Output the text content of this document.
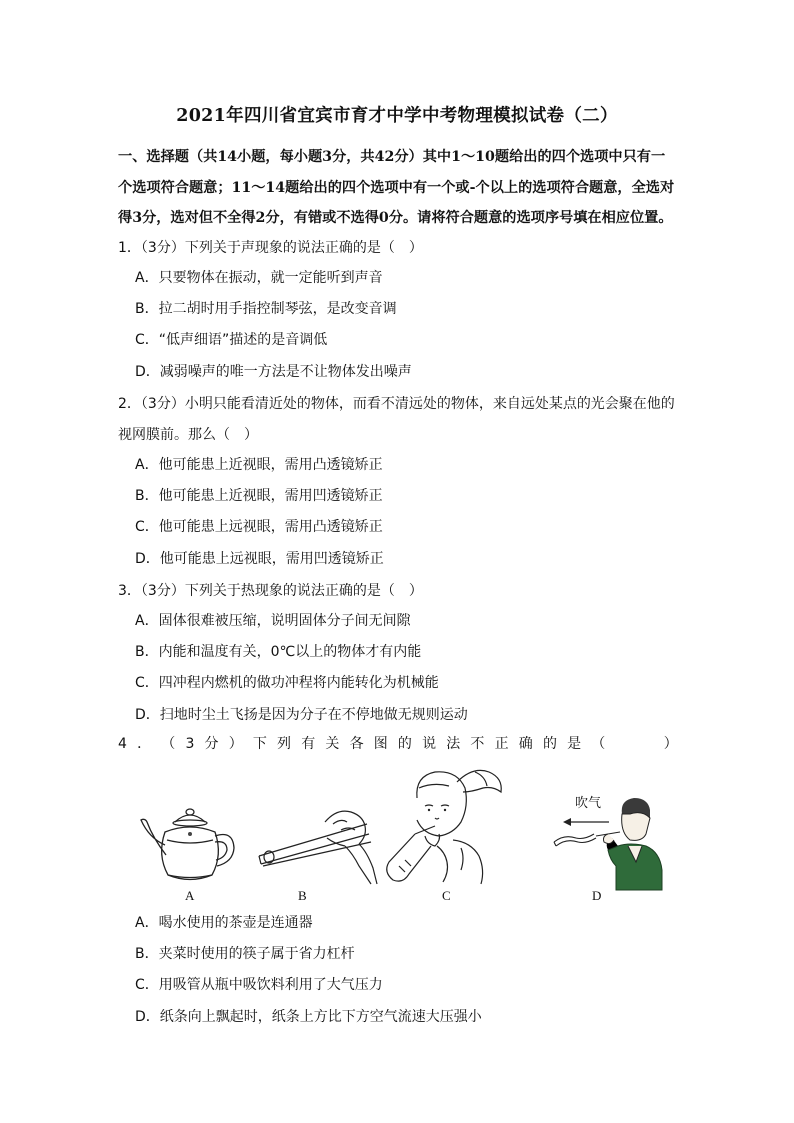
2021年四川省宜宾市育才中学中考物理模拟试卷（二）
一、选择题（共14小题，每小题3分，共42分）其中1～10题给出的四个选项中只有一个选项符合题意；11～14题给出的四个选项中有一个或-个以上的选项符合题意，全选对得3分，选对但不全得2分，有错或不选得0分。请将符合题意的选项序号填在相应位置。
1．（3分）下列关于声现象的说法正确的是（　）
A．只要物体在振动，就一定能听到声音
B．拉二胡时用手指控制琴弦，是改变音调
C．“低声细语”描述的是音调低
D．减弱噪声的唯一方法是不让物体发出噪声
2．（3分）小明只能看清近处的物体，而看不清远处的物体，来自远处某点的光会聚在他的视网膜前。那么（　）
A．他可能患上近视眼，需用凸透镜矫正
B．他可能患上近视眼，需用凹透镜矫正
C．他可能患上远视眼，需用凸透镜矫正
D．他可能患上远视眼，需用凹透镜矫正
3．（3分）下列关于热现象的说法正确的是（　）
A．固体很难被压缩，说明固体分子间无间隙
B．内能和温度有关，0℃以上的物体才有内能
C．四冲程内燃机的做功冲程将内能转化为机械能
D．扫地时尘土飞扬是因为分子在不停地做无规则运动
4 ． （ 3 分 ） 下 列 有 关 各 图 的 说 法 不 正 确 的 是 （

　	）
吹气
A	B	C	D
A．喝水使用的茶壶是连通器
B．夹菜时使用的筷子属于省力杠杆
C．用吸管从瓶中吸饮料利用了大气压力
D．纸条向上飘起时，纸条上方比下方空气流速大压强小
